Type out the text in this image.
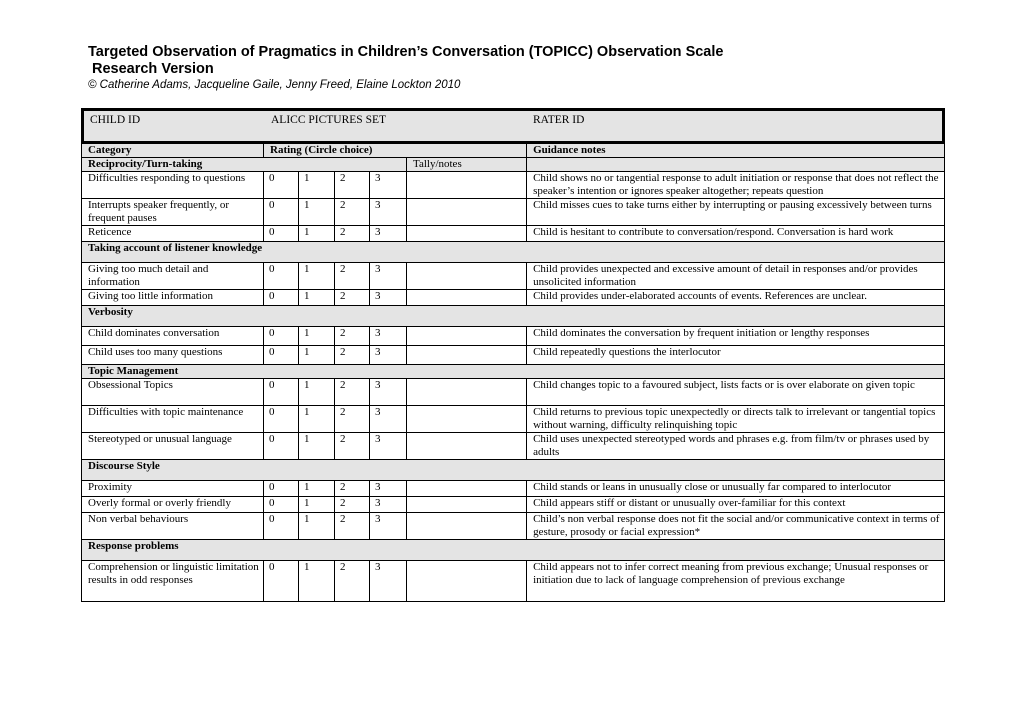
Targeted Observation of Pragmatics in Children’s Conversation (TOPICC) Observation Scale

Research Version

© Catherine Adams, Jacqueline Gaile, Jenny Freed, Elaine Lockton 2010

CHILD ID	ALICC PICTURES SET	RATER ID
Category	Rating (Circle choice)					Guidance notes
Reciprocity/Turn-taking					Tally/notes	
Difficulties responding to questions	0	1	2	3		Child shows no or tangential response to adult initiation or response that does not reflect the speaker’s intention or ignores speaker altogether; repeats question
Interrupts speaker frequently, or frequent pauses	0	1	2	3		Child misses cues to take turns either by interrupting or pausing excessively between turns
Reticence	0	1	2	3		Child is hesitant to contribute to conversation/respond. Conversation is hard work
Taking account of listener knowledge						
Giving too much detail and information	0	1	2	3		Child provides unexpected and excessive amount of detail in responses and/or provides unsolicited information
Giving too little information	0	1	2	3		Child provides under-elaborated accounts of events. References are unclear.
Verbosity						
Child dominates conversation	0	1	2	3		Child dominates the conversation by frequent initiation or lengthy responses
Child uses too many questions	0	1	2	3		Child repeatedly questions the interlocutor
Topic Management						
Obsessional Topics	0	1	2	3		Child changes topic to a favoured subject, lists facts or is over elaborate on given topic
Difficulties with topic maintenance	0	1	2	3		Child returns to previous topic unexpectedly or directs talk to irrelevant or tangential topics without warning, difficulty relinquishing topic
Stereotyped or unusual language	0	1	2	3		Child uses unexpected stereotyped words and phrases e.g. from film/tv or phrases used by adults
Discourse Style						
Proximity	0	1	2	3		Child stands or leans in unusually close or unusually far compared to interlocutor
Overly formal or overly friendly	0	1	2	3		Child appears stiff or distant or unusually over-familiar for this context
Non verbal behaviours	0	1	2	3		Child’s non verbal response does not fit the social and/or communicative context in terms of gesture, prosody or facial expression*
Response problems						
Comprehension or linguistic limitation results in odd responses	0	1	2	3		Child appears not to infer correct meaning from previous exchange; Unusual responses or initiation due to lack of language comprehension of previous exchange
